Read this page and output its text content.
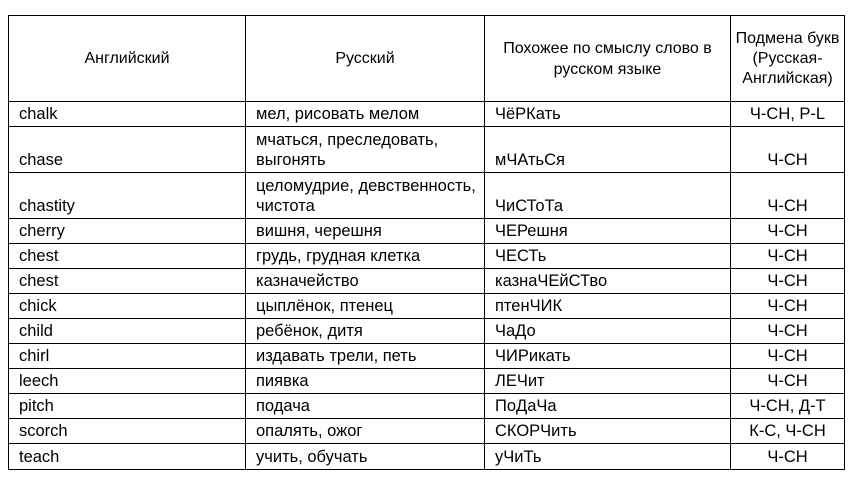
Английский	Русский	Похожее по смыслу слово в русском языке	Подмена букв (Русская-Английская)
chalk	мел, рисовать мелом	ЧёРКать	Ч-СН, Р-L
chase	мчаться, преследовать, выгонять	мЧАтьСя	Ч-СН
chastity	целомудрие, девственность, чистота	ЧиСТоТа	Ч-СН
cherry	вишня, черешня	ЧЕРешня	Ч-СН
chest	грудь, грудная клетка	ЧЕСТь	Ч-СН
chest	казначейство	казнаЧЕйСТво	Ч-СН
chick	цыплёнок, птенец	птенЧИК	Ч-СН
child	ребёнок, дитя	ЧаДо	Ч-СН
chirl	издавать трели, петь	ЧИРикать	Ч-СН
leech	пиявка	ЛЕЧит	Ч-СН
pitch	подача	ПоДаЧа	Ч-СН, Д-Т
scorch	опалять, ожог	СКОРЧить	К-С, Ч-СН
teach	учить, обучать	уЧиТь	Ч-СН
